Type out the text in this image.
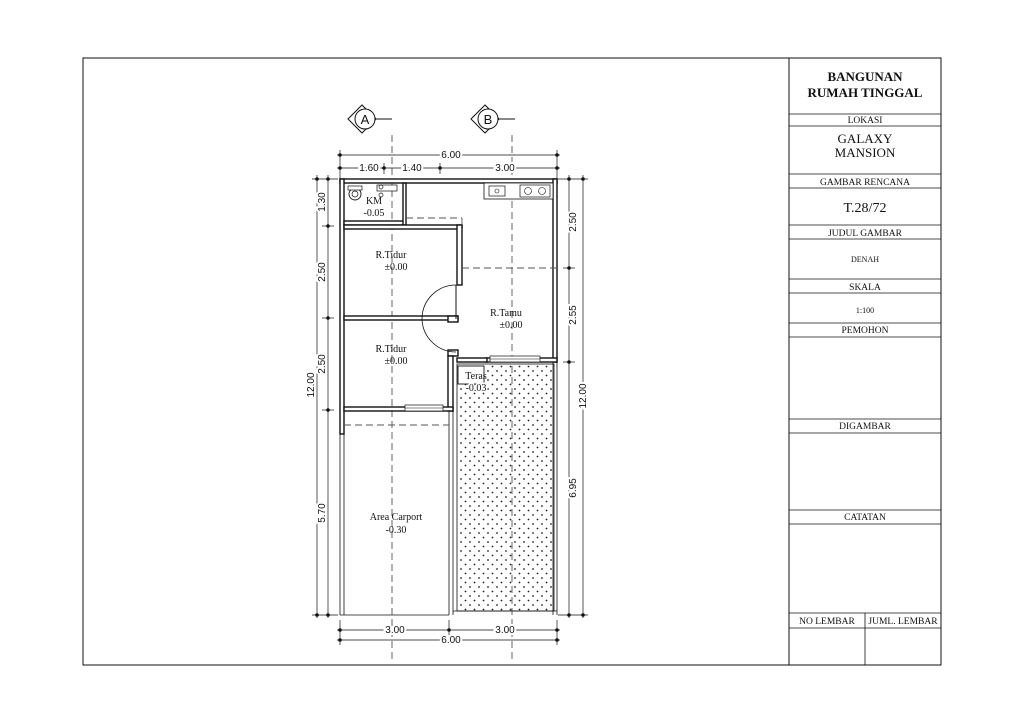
A	B
6.00
1.60 1.40	3.00
3.00	3.00
6.00
1.30
2.50
2.50
5.70
12.00
2.50
2.55
6.95
12.00
KM
-0.05
R.Tidur
±0.00
R.Tamu
±0.00
R.Tidur
±0.00
Teras
-0.03
Area Carport
-0.30
BANGUNAN
RUMAH TINGGAL
LOKASI
GALAXY
MANSION
GAMBAR RENCANA
T.28/72
JUDUL GAMBAR
DENAH
SKALA
1:100
PEMOHON
DIGAMBAR
CATATAN
NO LEMBAR JUML. LEMBAR
